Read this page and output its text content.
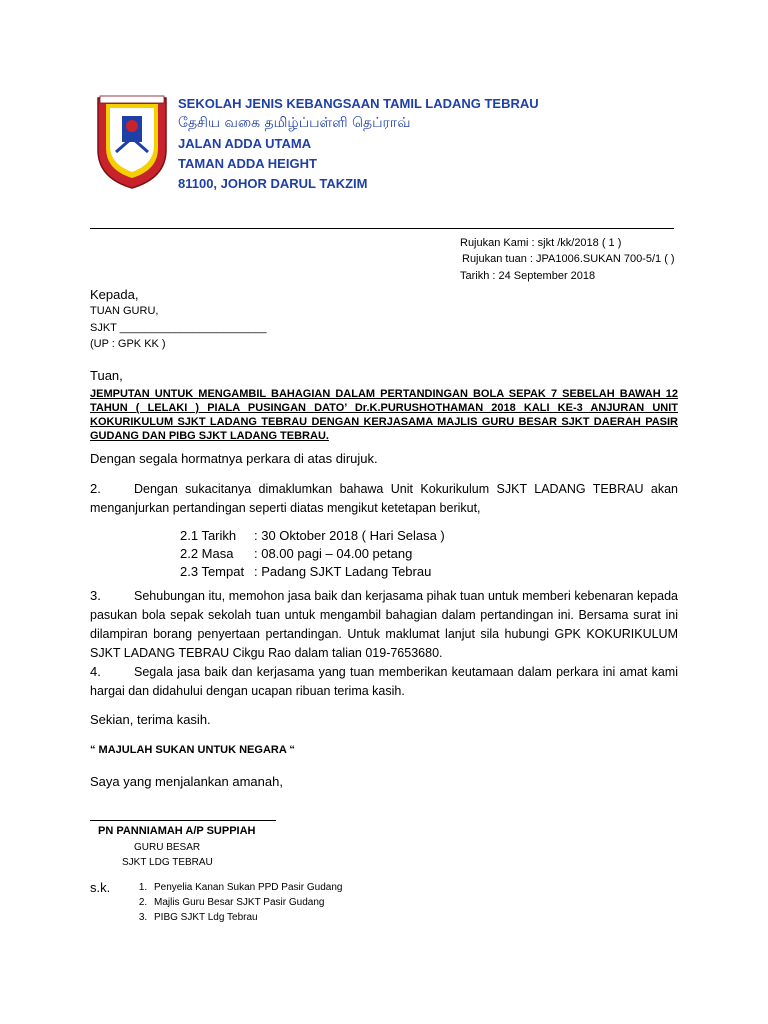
SEKOLAH JENIS KEBANGSAAN TAMIL LADANG TEBRAU
தேசிய வகை தமிழ்ப்பள்ளி தெப்ராவ்
JALAN ADDA UTAMA
TAMAN ADDA HEIGHT
81100, JOHOR DARUL TAKZIM
Rujukan Kami : sjkt /kk/2018 ( 1 )
Rujukan tuan : JPA1006.SUKAN 700-5/1 ( )
Tarikh : 24 September 2018
Kepada,
TUAN GURU,
SJKT ________________________
(UP : GPK KK )
Tuan,
JEMPUTAN UNTUK MENGAMBIL BAHAGIAN DALAM PERTANDINGAN BOLA SEPAK 7 SEBELAH BAWAH 12 TAHUN ( LELAKI ) PIALA PUSINGAN DATO’ Dr.K.PURUSHOTHAMAN 2018 KALI KE-3 ANJURAN UNIT KOKURIKULUM SJKT LADANG TEBRAU DENGAN KERJASAMA MAJLIS GURU BESAR SJKT DAERAH PASIR GUDANG DAN PIBG SJKT LADANG TEBRAU.
Dengan segala hormatnya perkara di atas dirujuk.
2.	Dengan sukacitanya dimaklumkan bahawa Unit Kokurikulum SJKT LADANG TEBRAU akan menganjurkan pertandingan seperti diatas mengikut ketetapan berikut,
2.1 Tarikh : 30 Oktober 2018 ( Hari Selasa )
2.2 Masa : 08.00 pagi – 04.00 petang
2.3 Tempat : Padang SJKT Ladang Tebrau
3.	Sehubungan itu, memohon jasa baik dan kerjasama pihak tuan untuk memberi kebenaran kepada pasukan bola sepak sekolah tuan untuk mengambil bahagian dalam pertandingan ini. Bersama surat ini dilampiran borang penyertaan pertandingan. Untuk maklumat lanjut sila hubungi GPK KOKURIKULUM SJKT LADANG TEBRAU Cikgu Rao dalam talian 019-7653680.
4.	Segala jasa baik dan kerjasama yang tuan memberikan keutamaan dalam perkara ini amat kami hargai dan didahului dengan ucapan ribuan terima kasih.
Sekian, terima kasih.
“ MAJULAH SUKAN UNTUK NEGARA “
Saya yang menjalankan amanah,
PN PANNIAMAH A/P SUPPIAH
GURU BESAR
SJKT LDG TEBRAU
s.k.
1.	Penyelia Kanan Sukan PPD Pasir Gudang
2. Majlis Guru Besar SJKT Pasir Gudang
3. PIBG SJKT Ldg Tebrau
